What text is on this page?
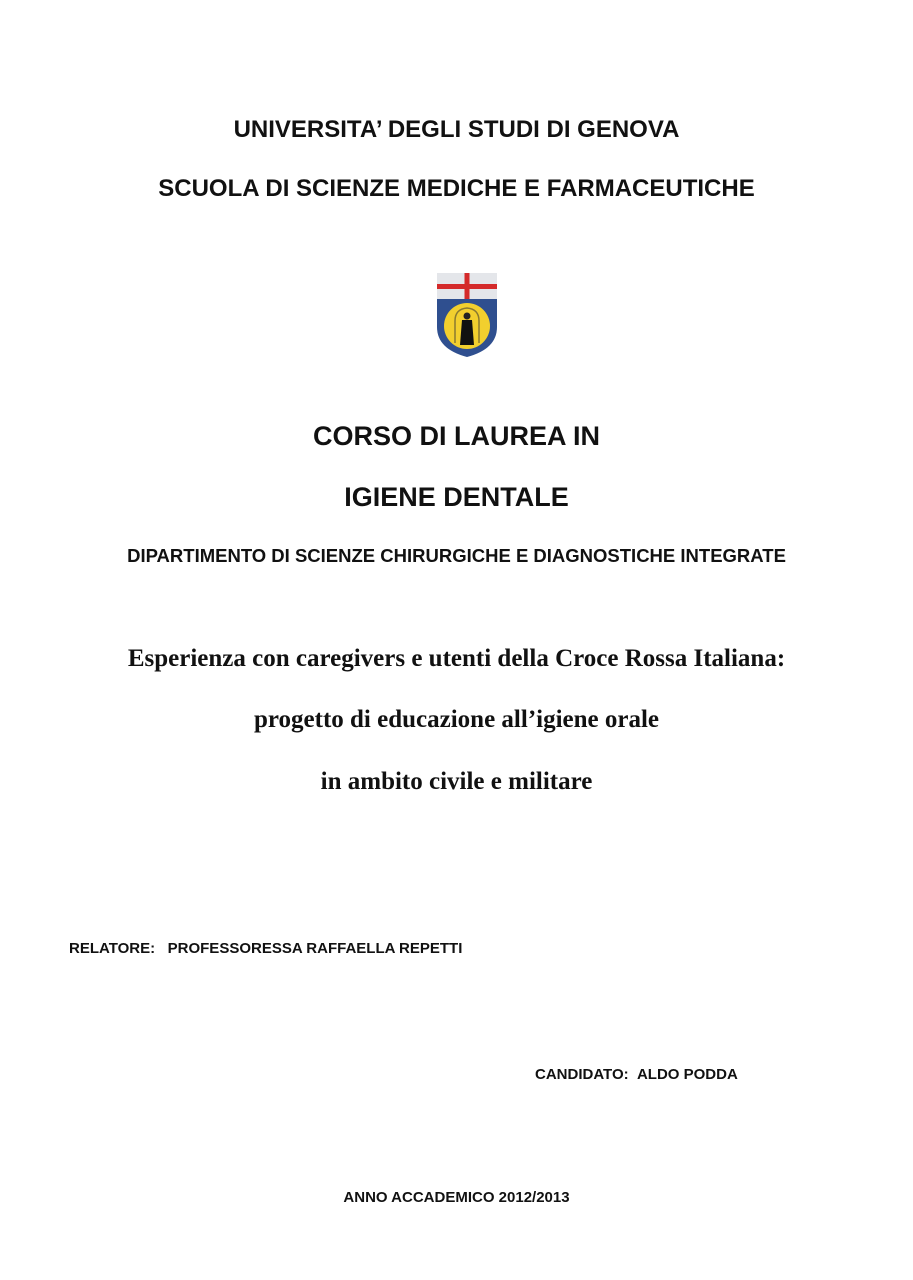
UNIVERSITA’ DEGLI STUDI DI GENOVA
SCUOLA DI SCIENZE MEDICHE E FARMACEUTICHE
CORSO DI LAUREA IN
IGIENE DENTALE
DIPARTIMENTO DI SCIENZE CHIRURGICHE E DIAGNOSTICHE INTEGRATE
Esperienza con caregivers e utenti della Croce Rossa Italiana:
progetto di educazione all’igiene orale
in ambito civile e militare
RELATORE: PROFESSORESSA RAFFAELLA REPETTI
CANDIDATO: ALDO PODDA
ANNO ACCADEMICO 2012/2013
